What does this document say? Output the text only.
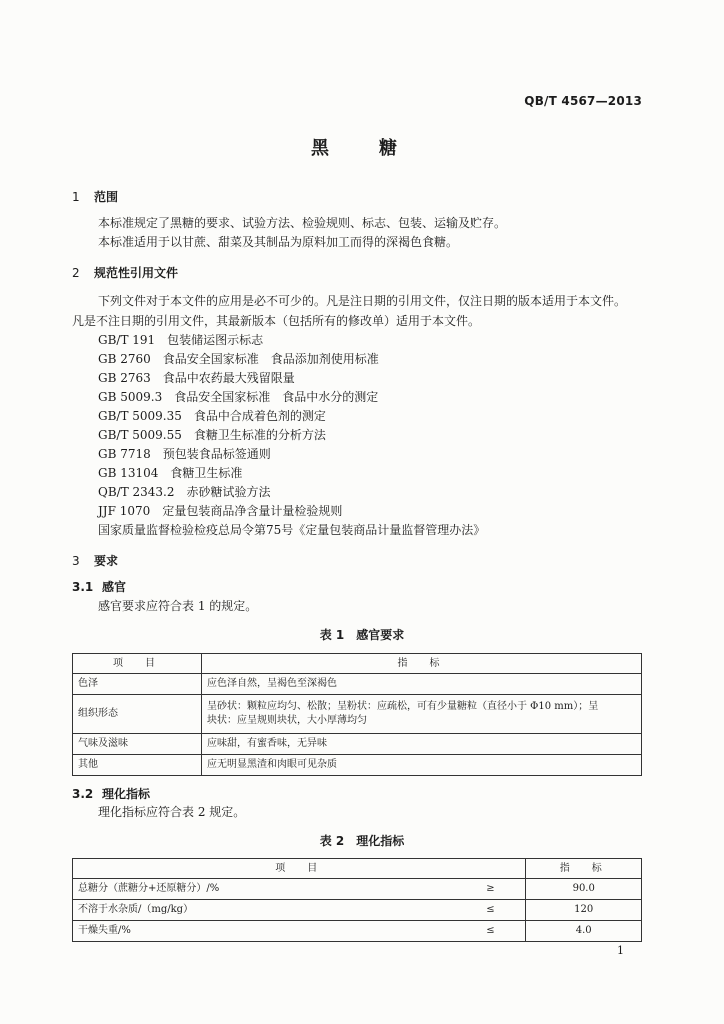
QB/T 4567—2013
黑　糖
1 范围
本标准规定了黑糖的要求、试验方法、检验规则、标志、包装、运输及贮存。
本标准适用于以甘蔗、甜菜及其制品为原料加工而得的深褐色食糖。
2 规范性引用文件
下列文件对于本文件的应用是必不可少的。凡是注日期的引用文件，仅注日期的版本适用于本文件。
凡是不注日期的引用文件，其最新版本（包括所有的修改单）适用于本文件。
GB/T 191 包装储运图示标志
GB 2760 食品安全国家标准　食品添加剂使用标准
GB 2763 食品中农药最大残留限量
GB 5009.3 食品安全国家标准　食品中水分的测定
GB/T 5009.35 食品中合成着色剂的测定
GB/T 5009.55 食糖卫生标准的分析方法
GB 7718 预包装食品标签通则
GB 13104 食糖卫生标准
QB/T 2343.2 赤砂糖试验方法
JJF 1070 定量包装商品净含量计量检验规则
国家质量监督检验检疫总局令第75号《定量包装商品计量监督管理办法》
3 要求
3.1 感官
感官要求应符合表 1 的规定。
表 1 感官要求
项　目	指　标
色泽	应色泽自然，呈褐色至深褐色
组织形态	呈砂状：颗粒应均匀、松散；呈粉状：应疏松，可有少量糖粒（直径小于 Φ10 mm）；呈
块状：应呈规则块状，大小厚薄均匀

气味及滋味	应味甜，有蜜香味，无异味
其他	应无明显黑渣和肉眼可见杂质
3.2 理化指标
理化指标应符合表 2 规定。
表 2 理化指标
项　目		指　标
总糖分（蔗糖分+还原糖分）/%	≥	90.0
不溶于水杂质/（mg/kg）	≤	120
干燥失重/%	≤	4.0
1
